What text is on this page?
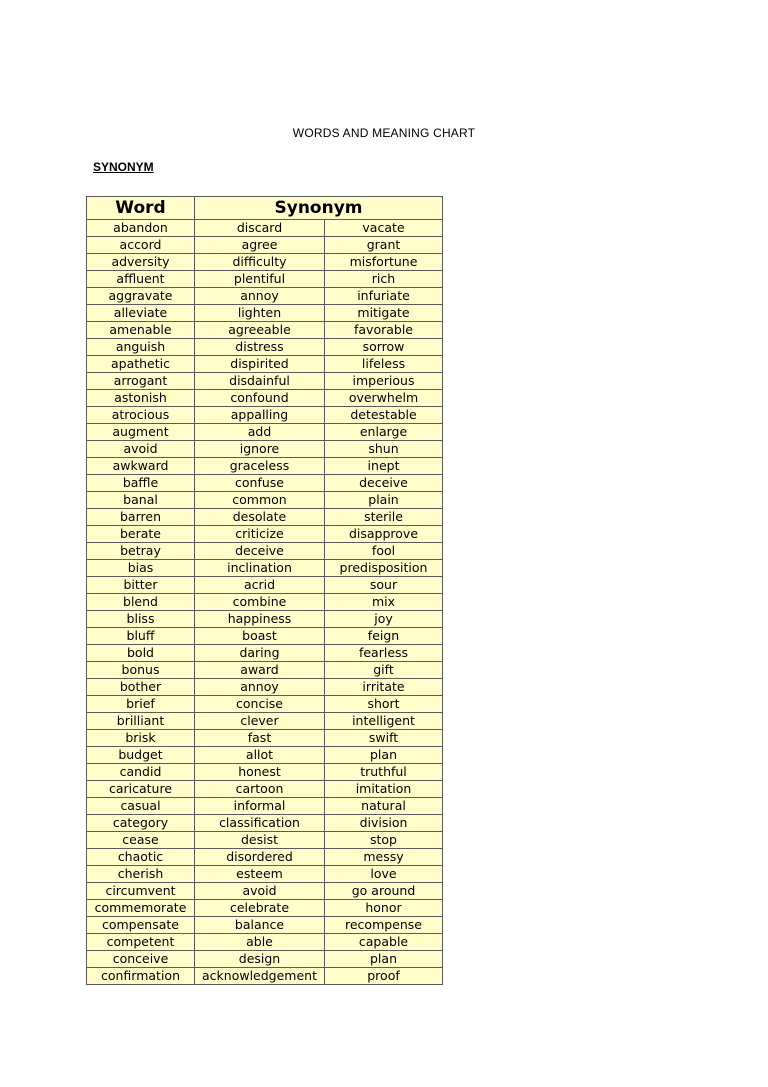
WORDS AND MEANING CHART
SYNONYM
Word	Synonym	
abandon	discard	vacate
accord	agree	grant
adversity	difficulty	misfortune
affluent	plentiful	rich
aggravate	annoy	infuriate
alleviate	lighten	mitigate
amenable	agreeable	favorable
anguish	distress	sorrow
apathetic	dispirited	lifeless
arrogant	disdainful	imperious
astonish	confound	overwhelm
atrocious	appalling	detestable
augment	add	enlarge
avoid	ignore	shun
awkward	graceless	inept
baffle	confuse	deceive
banal	common	plain
barren	desolate	sterile
berate	criticize	disapprove
betray	deceive	fool
bias	inclination	predisposition
bitter	acrid	sour
blend	combine	mix
bliss	happiness	joy
bluff	boast	feign
bold	daring	fearless
bonus	award	gift
bother	annoy	irritate
brief	concise	short
brilliant	clever	intelligent
brisk	fast	swift
budget	allot	plan
candid	honest	truthful
caricature	cartoon	imitation
casual	informal	natural
category	classification	division
cease	desist	stop
chaotic	disordered	messy
cherish	esteem	love
circumvent	avoid	go around
commemorate	celebrate	honor
compensate	balance	recompense
competent	able	capable
conceive	design	plan
confirmation	acknowledgement	proof
